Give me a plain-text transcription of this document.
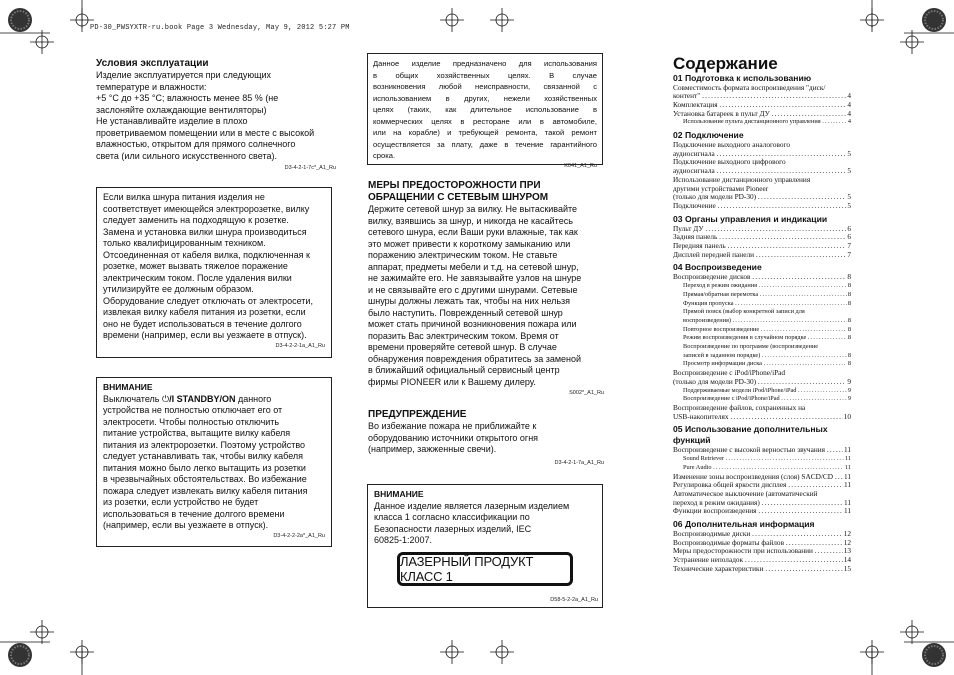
PD-30_PWSYXTR-ru.book Page 3 Wednesday, May 9, 2012 5:27 PM
Условия эксплуатации
Изделие эксплуатируется при следующих
температуре и влажности:
+5 °C до +35 °C; влажность менее 85 % (не
заслоняйте охлаждающие вентиляторы)
Не устанавливайте изделие в плохо
проветриваемом помещении или в месте с высокой
влажностью, открытом для прямого солнечного
света (или сильного искусственного света).
D3-4-2-1-7c*_A1_Ru
Если вилка шнура питания изделия не
соответствует имеющейся электророзетке, вилку
следует заменить на подходящую к розетке.
Замена и установка вилки шнура производиться
только квалифицированным техником.
Отсоединенная от кабеля вилка, подключенная к
розетке, может вызвать тяжелое поражение
электрическим током. После удаления вилки
утилизируйте ее должным образом.
Оборудование следует отключать от электросети,
извлекая вилку кабеля питания из розетки, если
оно не будет использоваться в течение долгого
времени (например, если вы уезжаете в отпуск).
D3-4-2-2-1a_A1_Ru
ВНИМАНИЕ
Выключатель ⏻/I STANDBY/ON данного
устройства не полностью отключает его от
электросети. Чтобы полностью отключить
питание устройства, вытащите вилку кабеля
питания из электророзетки. Поэтому устройство
следует устанавливать так, чтобы вилку кабеля
питания можно было легко вытащить из розетки
в чрезвычайных обстоятельствах. Во избежание
пожара следует извлекать вилку кабеля питания
из розетки, если устройство не будет
использоваться в течение долгого времени
(например, если вы уезжаете в отпуск).
D3-4-2-2-2a*_A1_Ru
Данное изделие предназначено для использования
в общих хозяйственных целях. В случае
возникновения любой неисправности, связанной с
использованием в других, нежели хозяйственных
целях (таких, как длительное использование в
коммерческих целях в ресторане или в автомобиле,
или на корабле) и требующей ремонта, такой ремонт
осуществляется за плату, даже в течение гарантийного
срока.
K041_A1_Ru
МЕРЫ ПРЕДОСТОРОЖНОСТИ ПРИ
ОБРАЩЕНИИ С СЕТЕВЫМ ШНУРОМ
Держите сетевой шнур за вилку. Не вытаскивайте
вилку, взявшись за шнур, и никогда не касайтесь
сетевого шнура, если Ваши руки влажные, так как
это может привести к короткому замыканию или
поражению электрическим током. Не ставьте
аппарат, предметы мебели и т.д. на сетевой шнур,
не зажимайте его. Не завязывайте узлов на шнуре
и не связывайте его с другими шнурами. Сетевые
шнуры должны лежать так, чтобы на них нельзя
было наступить. Поврежденный сетевой шнур
может стать причиной возникновения пожара или
поразить Вас электрическим током. Время от
времени проверяйте сетевой шнур. В случае
обнаружения повреждения обратитесь за заменой
в ближайший официальный сервисный центр
фирмы PIONEER или к Вашему дилеру.
S002*_A1_Ru
ПРЕДУПРЕЖДЕНИЕ
Во избежание пожара не приближайте к
оборудованию источники открытого огня
(например, зажженные свечи).
D3-4-2-1-7a_A1_Ru
ВНИМАНИЕ
Данное изделие является лазерным изделием
класса 1 согласно классификации по
Безопасности лазерных изделий, IEC
60825-1:2007.
ЛАЗЕРНЫЙ ПРОДУКТ КЛАСС 1
D58-5-2-2a_A1_Ru
Содержание
01 Подготовка к использованию
Совместимость формата воспроизведения "диск/
контент" .....	4
Комплектация .....	4
Установка батареек в пульт ДУ .....	4
Использование пульта дистанционного управления .....	4
02 Подключение
Подключение выходного аналогового
аудиосигнала .....	5
Подключение выходного цифрового
аудиосигнала .....	5
Использование дистанционного управления
другими устройствами Pioneer
(только для модели PD-30) .....	5
Подключение .....	5
03 Органы управления и индикации
Пульт ДУ .....	6
Задняя панель .....	6
Передняя панель .....	7
Дисплей передней панели .....	7
04 Воспроизведение
Воспроизведение дисков .....	8
Переход в режим ожидания .....	8
Прямая/обратная перемотка .....	8
Функция пропуска .....	8
Прямой поиск (выбор конкретной записи для
воспроизведения) .....	8
Повторное воспроизведение .....	8
Режим воспроизведения в случайном порядке .....	8
Воспроизведение по программе (воспроизведение
записей в заданном порядке) .....	8
Просмотр информации диска .....	8
Воспроизведение с iPod/iPhone/iPad
(только для модели PD-30) .....	9
Поддерживаемые модели iPod/iPhone/iPad .....	9
Воспроизведение с iPod/iPhone/iPad .....	9
Воспроизведение файлов, сохраненных на
USB-накопителях .....	10
05 Использование дополнительных
функций
Воспроизведение с высокой верностью звучания ..... 11
Sound Retriever .....	11
Pure Audio .....	11
Изменение зоны воспроизведения (слоя) SACD/CD ..... 11
Регулировка общей яркости дисплея .....	11
Автоматическое выключение (автоматический
переход в режим ожидания) .....	11
Функции воспроизведения .....	11
06 Дополнительная информация
Воспроизводимые диски .....	12
Воспроизводимые форматы файлов .....	12
Меры предосторожности при использовании .....	13
Устранение неполадок .....	14
Технические характеристики .....	15
